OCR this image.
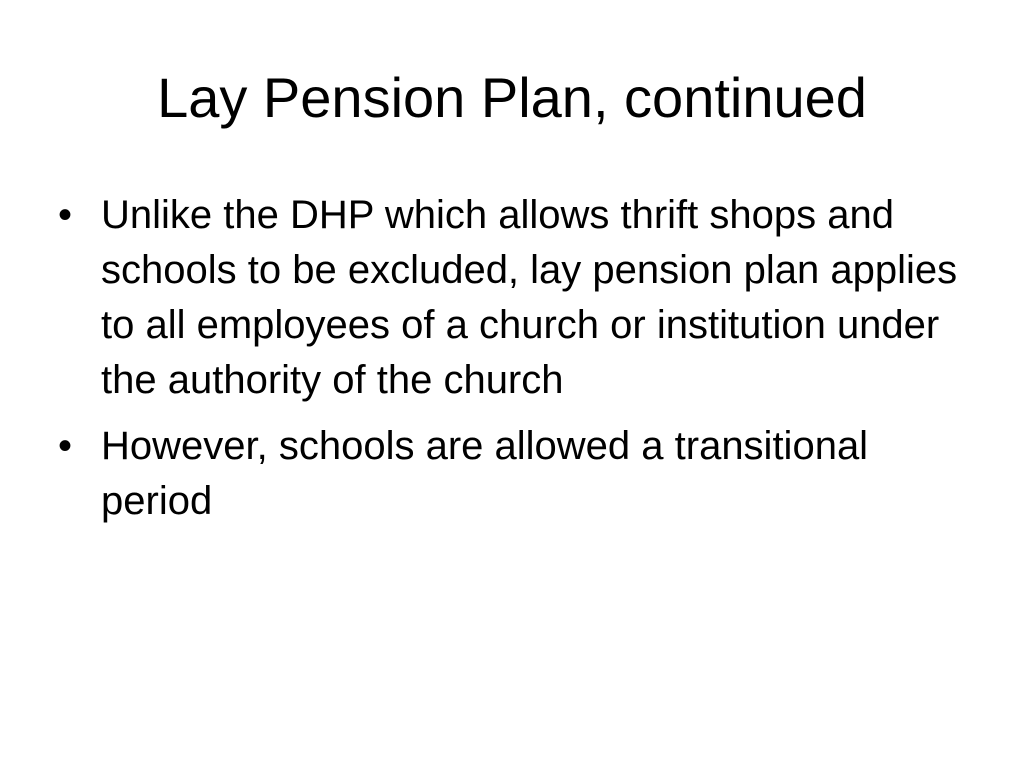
Lay Pension Plan, continued
• Unlike the DHP which allows thrift shops and schools to be excluded, lay pension plan applies to all employees of a church or institution under the authority of the church
• However, schools are allowed a transitional period
